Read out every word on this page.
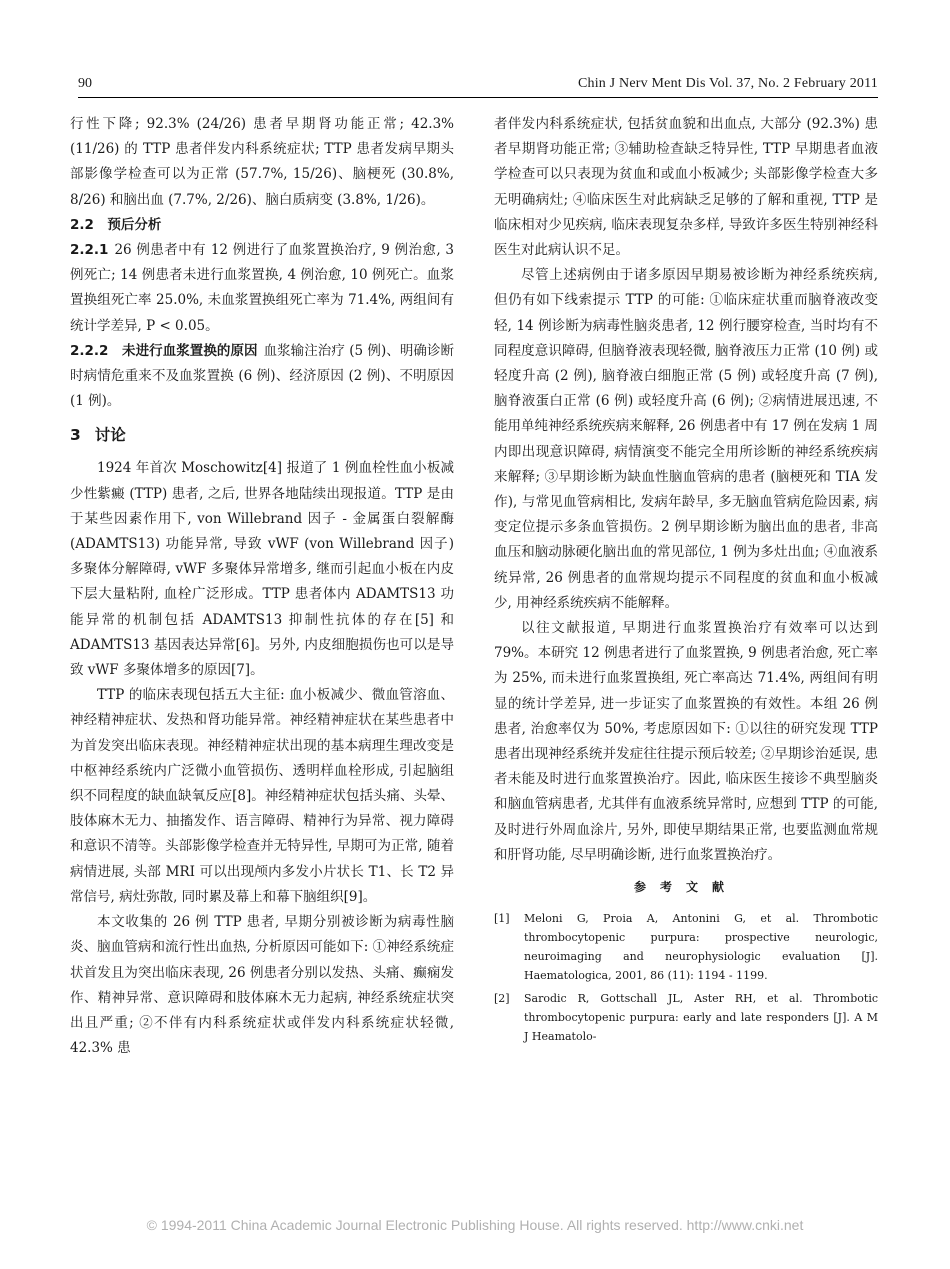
90	Chin J Nerv Ment Dis Vol. 37, No. 2 February 2011

行性下降; 92.3% (24/26) 患者早期肾功能正常; 42.3% (11/26) 的 TTP 患者伴发内科系统症状; TTP 患者发病早期头部影像学检查可以为正常 (57.7%, 15/26)、脑梗死 (30.8%, 8/26) 和脑出血 (7.7%, 2/26)、脑白质病变 (3.8%, 1/26)。

2.2　预后分析

2.2.1 26 例患者中有 12 例进行了血浆置换治疗, 9 例治愈, 3 例死亡; 14 例患者未进行血浆置换, 4 例治愈, 10 例死亡。血浆置换组死亡率 25.0%, 未血浆置换组死亡率为 71.4%, 两组间有统计学差异, P < 0.05。

2.2.2　未进行血浆置换的原因 血浆输注治疗 (5 例)、明确诊断时病情危重来不及血浆置换 (6 例)、经济原因 (2 例)、不明原因 (1 例)。

3 讨论

1924 年首次 Moschowitz[4] 报道了 1 例血栓性血小板减少性紫癜 (TTP) 患者, 之后, 世界各地陆续出现报道。TTP 是由于某些因素作用下, von Willebrand 因子 - 金属蛋白裂解酶 (ADAMTS13) 功能异常, 导致 vWF (von Willebrand 因子) 多聚体分解障碍, vWF 多聚体异常增多, 继而引起血小板在内皮下层大量粘附, 血栓广泛形成。TTP 患者体内 ADAMTS13 功能异常的机制包括 ADAMTS13 抑制性抗体的存在[5] 和 ADAMTS13 基因表达异常[6]。另外, 内皮细胞损伤也可以是导致 vWF 多聚体增多的原因[7]。

TTP 的临床表现包括五大主征: 血小板减少、微血管溶血、神经精神症状、发热和肾功能异常。神经精神症状在某些患者中为首发突出临床表现。神经精神症状出现的基本病理生理改变是中枢神经系统内广泛微小血管损伤、透明样血栓形成, 引起脑组织不同程度的缺血缺氧反应[8]。神经精神症状包括头痛、头晕、肢体麻木无力、抽搐发作、语言障碍、精神行为异常、视力障碍和意识不清等。头部影像学检查并无特异性, 早期可为正常, 随着病情进展, 头部 MRI 可以出现颅内多发小片状长 T1、长 T2 异常信号, 病灶弥散, 同时累及幕上和幕下脑组织[9]。

本文收集的 26 例 TTP 患者, 早期分别被诊断为病毒性脑炎、脑血管病和流行性出血热, 分析原因可能如下: ①神经系统症状首发且为突出临床表现, 26 例患者分别以发热、头痛、癫痫发作、精神异常、意识障碍和肢体麻木无力起病, 神经系统症状突出且严重; ②不伴有内科系统症状或伴发内科系统症状轻微, 42.3% 患

者伴发内科系统症状, 包括贫血貌和出血点, 大部分 (92.3%) 患者早期肾功能正常; ③辅助检查缺乏特异性, TTP 早期患者血液学检查可以只表现为贫血和或血小板减少; 头部影像学检查大多无明确病灶; ④临床医生对此病缺乏足够的了解和重视, TTP 是临床相对少见疾病, 临床表现复杂多样, 导致许多医生特别神经科医生对此病认识不足。

尽管上述病例由于诸多原因早期易被诊断为神经系统疾病, 但仍有如下线索提示 TTP 的可能: ①临床症状重而脑脊液改变轻, 14 例诊断为病毒性脑炎患者, 12 例行腰穿检查, 当时均有不同程度意识障碍, 但脑脊液表现轻微, 脑脊液压力正常 (10 例) 或轻度升高 (2 例), 脑脊液白细胞正常 (5 例) 或轻度升高 (7 例), 脑脊液蛋白正常 (6 例) 或轻度升高 (6 例); ②病情进展迅速, 不能用单纯神经系统疾病来解释, 26 例患者中有 17 例在发病 1 周内即出现意识障碍, 病情演变不能完全用所诊断的神经系统疾病来解释; ③早期诊断为缺血性脑血管病的患者 (脑梗死和 TIA 发作), 与常见血管病相比, 发病年龄早, 多无脑血管病危险因素, 病变定位提示多条血管损伤。2 例早期诊断为脑出血的患者, 非高血压和脑动脉硬化脑出血的常见部位, 1 例为多灶出血; ④血液系统异常, 26 例患者的血常规均提示不同程度的贫血和血小板减少, 用神经系统疾病不能解释。

以往文献报道, 早期进行血浆置换治疗有效率可以达到 79%。本研究 12 例患者进行了血浆置换, 9 例患者治愈, 死亡率为 25%, 而未进行血浆置换组, 死亡率高达 71.4%, 两组间有明显的统计学差异, 进一步证实了血浆置换的有效性。本组 26 例患者, 治愈率仅为 50%, 考虑原因如下: ①以往的研究发现 TTP 患者出现神经系统并发症往往提示预后较差; ②早期诊治延误, 患者未能及时进行血浆置换治疗。因此, 临床医生接诊不典型脑炎和脑血管病患者, 尤其伴有血液系统异常时, 应想到 TTP 的可能, 及时进行外周血涂片, 另外, 即使早期结果正常, 也要监测血常规和肝肾功能, 尽早明确诊断, 进行血浆置换治疗。

参考文献
[1]	Meloni G, Proia A, Antonini G, et al. Thrombotic thrombocytopenic purpura: prospective neurologic, neuroimaging and neurophysiologic evaluation [J]. Haematologica, 2001, 86 (11): 1194 - 1199.
[2]	Sarodic R, Gottschall JL, Aster RH, et al. Thrombotic thrombocytopenic purpura: early and late responders [J]. A M J Heamatolo-
© 1994-2011 China Academic Journal Electronic Publishing House. All rights reserved. http://www.cnki.net
